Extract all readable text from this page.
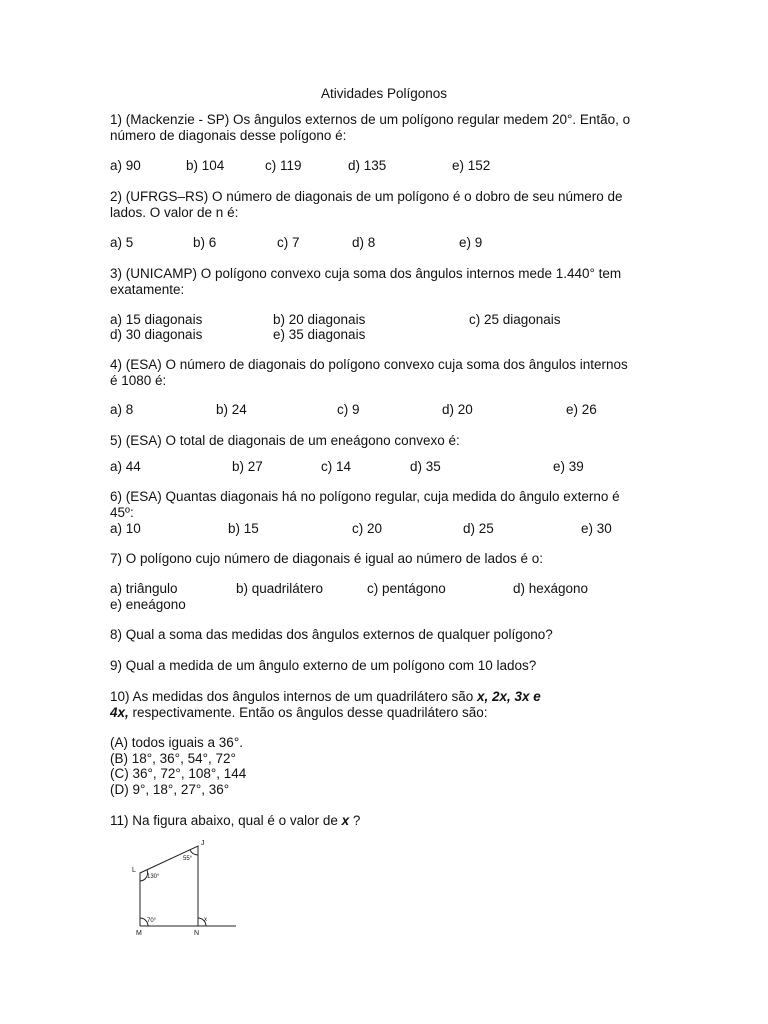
Atividades Polígonos
1) (Mackenzie - SP) Os ângulos externos de um polígono regular medem 20°. Então, o
número de diagonais desse polígono é:
a) 90	b) 104	c) 119	d) 135	e) 152
2) (UFRGS–RS) O número de diagonais de um polígono é o dobro de seu número de
lados. O valor de n é:
a) 5	b) 6	c) 7	d) 8	e) 9
3) (UNICAMP) O polígono convexo cuja soma dos ângulos internos mede 1.440° tem
exatamente:
a) 15 diagonais	b) 20 diagonais	c) 25 diagonais
d) 30 diagonais	e) 35 diagonais
4) (ESA) O número de diagonais do polígono convexo cuja soma dos ângulos internos
é 1080 é:
a) 8	b) 24	c) 9	d) 20	e) 26
5) (ESA) O total de diagonais de um eneágono convexo é:
a) 44	b) 27	c) 14	d) 35	e) 39
6) (ESA) Quantas diagonais há no polígono regular, cuja medida do ângulo externo é
45º:
a) 10	b) 15	c) 20	d) 25	e) 30
7) O polígono cujo número de diagonais é igual ao número de lados é o:
a) triângulo	b) quadrilátero	c) pentágono	d) hexágono
e) eneágono
8) Qual a soma das medidas dos ângulos externos de qualquer polígono?
9) Qual a medida de um ângulo externo de um polígono com 10 lados?
10) As medidas dos ângulos internos de um quadrilátero são x, 2x, 3x e
4x, respectivamente. Então os ângulos desse quadrilátero são:
(A) todos iguais a 36°.
(B) 18°, 36°, 54°, 72°
(C) 36°, 72°, 108°, 144
(D) 9°, 18°, 27°, 36°
11) Na figura abaixo, qual é o valor de x ?
L
J
M	N
130°
55°
70°	x
